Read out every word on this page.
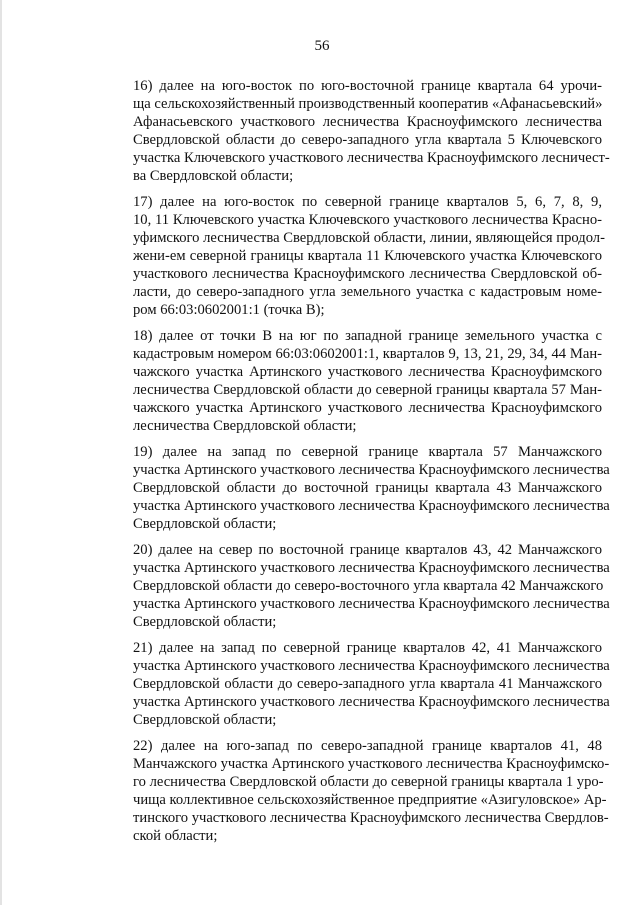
56

16) далее на юго-восток по юго-восточной границе квартала 64 урочи-
ща сельскохозяйственный производственный кооператив «Афанасьевский»
Афанасьевского участкового лесничества Красноуфимского лесничества
Свердловской области до северо-западного угла квартала 5 Ключевского
участка Ключевского участкового лесничества Красноуфимского лесничест-
ва Свердловской области;

17) далее на юго-восток по северной границе кварталов 5, 6, 7, 8, 9,
10, 11 Ключевского участка Ключевского участкового лесничества Красно-
уфимского лесничества Свердловской области, линии, являющейся продол-
жени-ем северной границы квартала 11 Ключевского участка Ключевского
участкового лесничества Красноуфимского лесничества Свердловской об-
ласти, до северо-западного угла земельного участка с кадастровым номе-
ром 66:03:0602001:1 (точка В);

18) далее от точки В на юг по западной границе земельного участка с
кадастровым номером 66:03:0602001:1, кварталов 9, 13, 21, 29, 34, 44 Ман-
чажского участка Артинского участкового лесничества Красноуфимского
лесничества Свердловской области до северной границы квартала 57 Ман-
чажского участка Артинского участкового лесничества Красноуфимского
лесничества Свердловской области;

19) далее на запад по северной границе квартала 57 Манчажского
участка Артинского участкового лесничества Красноуфимского лесничества
Свердловской области до восточной границы квартала 43 Манчажского
участка Артинского участкового лесничества Красноуфимского лесничества
Свердловской области;

20) далее на север по восточной границе кварталов 43, 42 Манчажского
участка Артинского участкового лесничества Красноуфимского лесничества
Свердловской области до северо-восточного угла квартала 42 Манчажского
участка Артинского участкового лесничества Красноуфимского лесничества
Свердловской области;

21) далее на запад по северной границе кварталов 42, 41 Манчажского
участка Артинского участкового лесничества Красноуфимского лесничества
Свердловской области до северо-западного угла квартала 41 Манчажского
участка Артинского участкового лесничества Красноуфимского лесничества
Свердловской области;

22) далее на юго-запад по северо-западной границе кварталов 41, 48
Манчажского участка Артинского участкового лесничества Красноуфимско-
го лесничества Свердловской области до северной границы квартала 1 уро-
чища коллективное сельскохозяйственное предприятие «Азигуловское» Ар-
тинского участкового лесничества Красноуфимского лесничества Свердлов-
ской области;
